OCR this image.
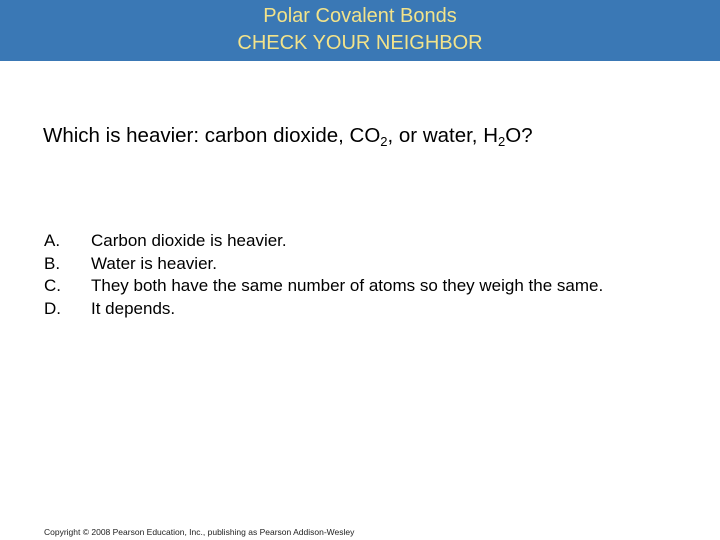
Polar Covalent Bonds
CHECK YOUR NEIGHBOR
Which is heavier: carbon dioxide, $CO_2$, or water, $H_2O$?
A.	Carbon dioxide is heavier.
B.	Water is heavier.
C.	They both have the same number of atoms so they weigh the same.
D.	It depends.
Copyright © 2008 Pearson Education, Inc., publishing as Pearson Addison-Wesley
